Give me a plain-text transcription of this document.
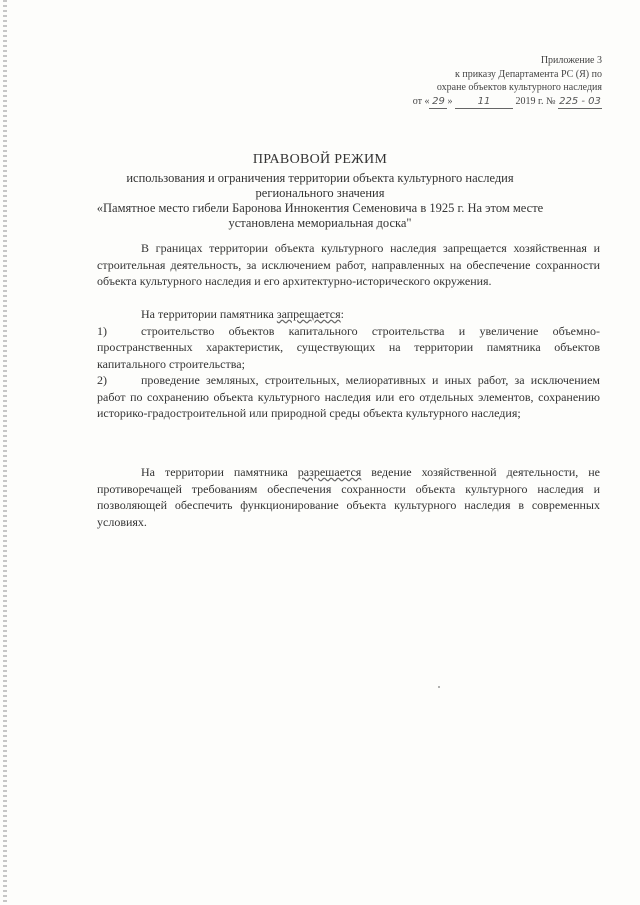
Приложение 3
к приказу Департамента РС (Я) по
охране объектов культурного наследия
от « 29 »	11	2019 г. № 225 - 03
ПРАВОВОЙ РЕЖИМ
использования и ограничения территории объекта культурного наследия регионального значения
«Памятное место гибели Баронова Иннокентия Семеновича в 1925 г. На этом месте установлена мемориальная доска"
В границах территории объекта культурного наследия запрещается хозяйственная и строительная деятельность, за исключением работ, направленных на обеспечение сохранности объекта культурного наследия и его архитектурно-исторического окружения.
На территории памятника запрещается:
1)	строительство объектов капитального строительства и увеличение объемно-пространственных характеристик, существующих на территории памятника объектов капитального строительства;
2)	проведение земляных, строительных, мелиоративных и иных работ, за исключением работ по сохранению объекта культурного наследия или его отдельных элементов, сохранению историко-градостроительной или природной среды объекта культурного наследия;
На территории памятника разрешается ведение хозяйственной деятельности, не противоречащей требованиям обеспечения сохранности объекта культурного наследия и позволяющей обеспечить функционирование объекта культурного наследия в современных условиях.
